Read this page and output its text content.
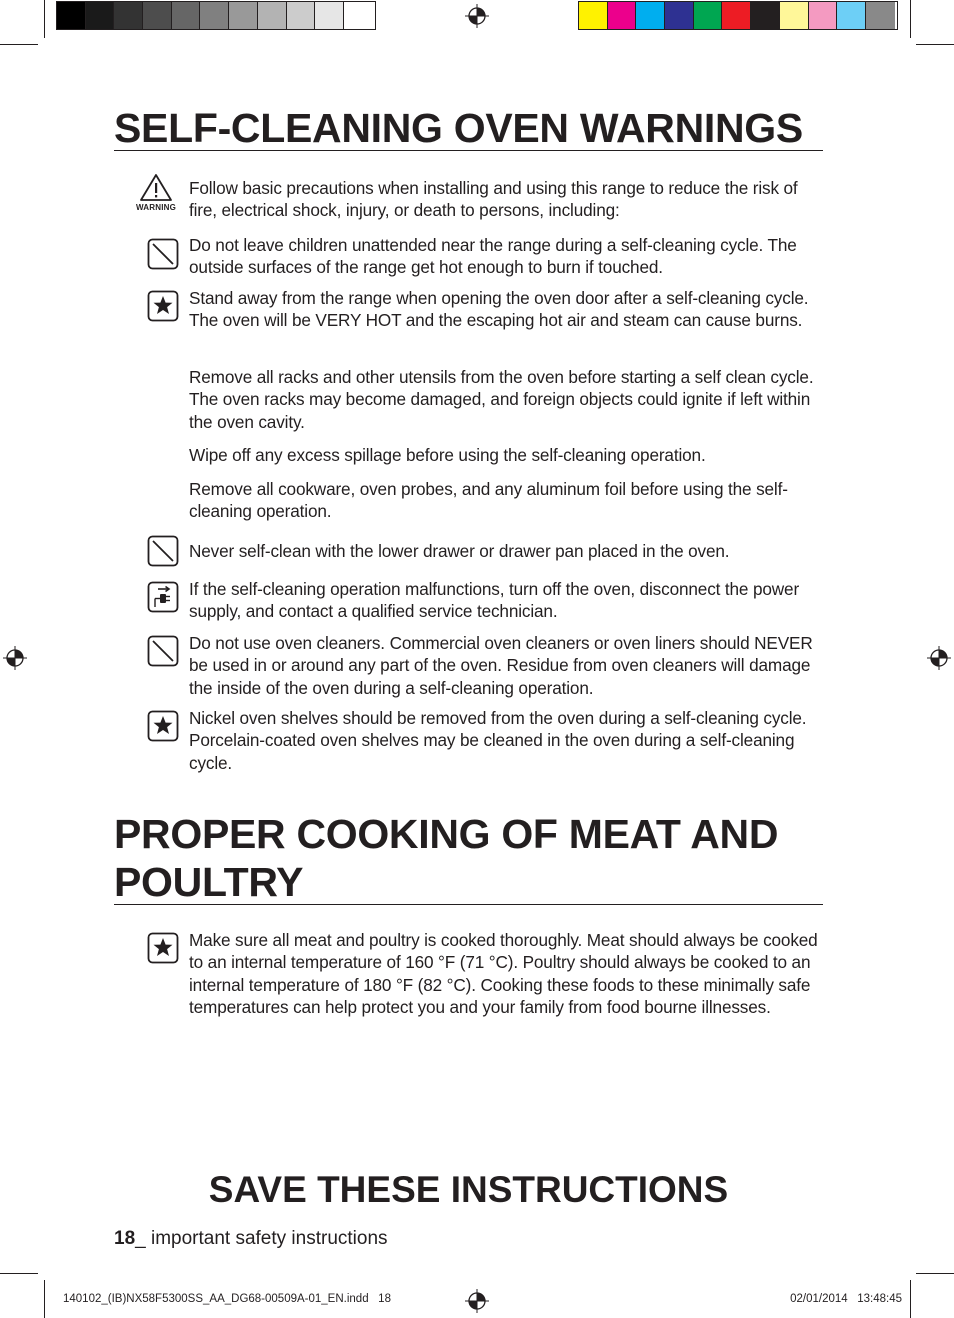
SELF-CLEANING OVEN WARNINGS
WARNING

Follow basic precautions when installing and using this range to reduce the risk of fire, electrical shock, injury, or death to persons, including:

Do not leave children unattended near the range during a self-cleaning cycle. The outside surfaces of the range get hot enough to burn if touched.

Stand away from the range when opening the oven door after a self-cleaning cycle. The oven will be VERY HOT and the escaping hot air and steam can cause burns.

Remove all racks and other utensils from the oven before starting a self clean cycle. The oven racks may become damaged, and foreign objects could ignite if left within the oven cavity.

Wipe off any excess spillage before using the self-cleaning operation.

Remove all cookware, oven probes, and any aluminum foil before using the self-cleaning operation.

Never self-clean with the lower drawer or drawer pan placed in the oven.

If the self-cleaning operation malfunctions, turn off the oven, disconnect the power supply, and contact a qualified service technician.

Do not use oven cleaners. Commercial oven cleaners or oven liners should NEVER be used in or around any part of the oven. Residue from oven cleaners will damage the inside of the oven during a self-cleaning operation.

Nickel oven shelves should be removed from the oven during a self-cleaning cycle. Porcelain-coated oven shelves may be cleaned in the oven during a self-cleaning cycle.

PROPER COOKING OF MEAT AND POULTRY

Make sure all meat and poultry is cooked thoroughly. Meat should always be cooked to an internal temperature of 160 °F (71 °C). Poultry should always be cooked to an internal temperature of 180 °F (82 °C). Cooking these foods to these minimally safe temperatures can help protect you and your family from food bourne illnesses.

SAVE THESE INSTRUCTIONS
18_ important safety instructions
140102_(IB)NX58F5300SS_AA_DG68-00509A-01_EN.indd   18	02/01/2014   13:48:45
